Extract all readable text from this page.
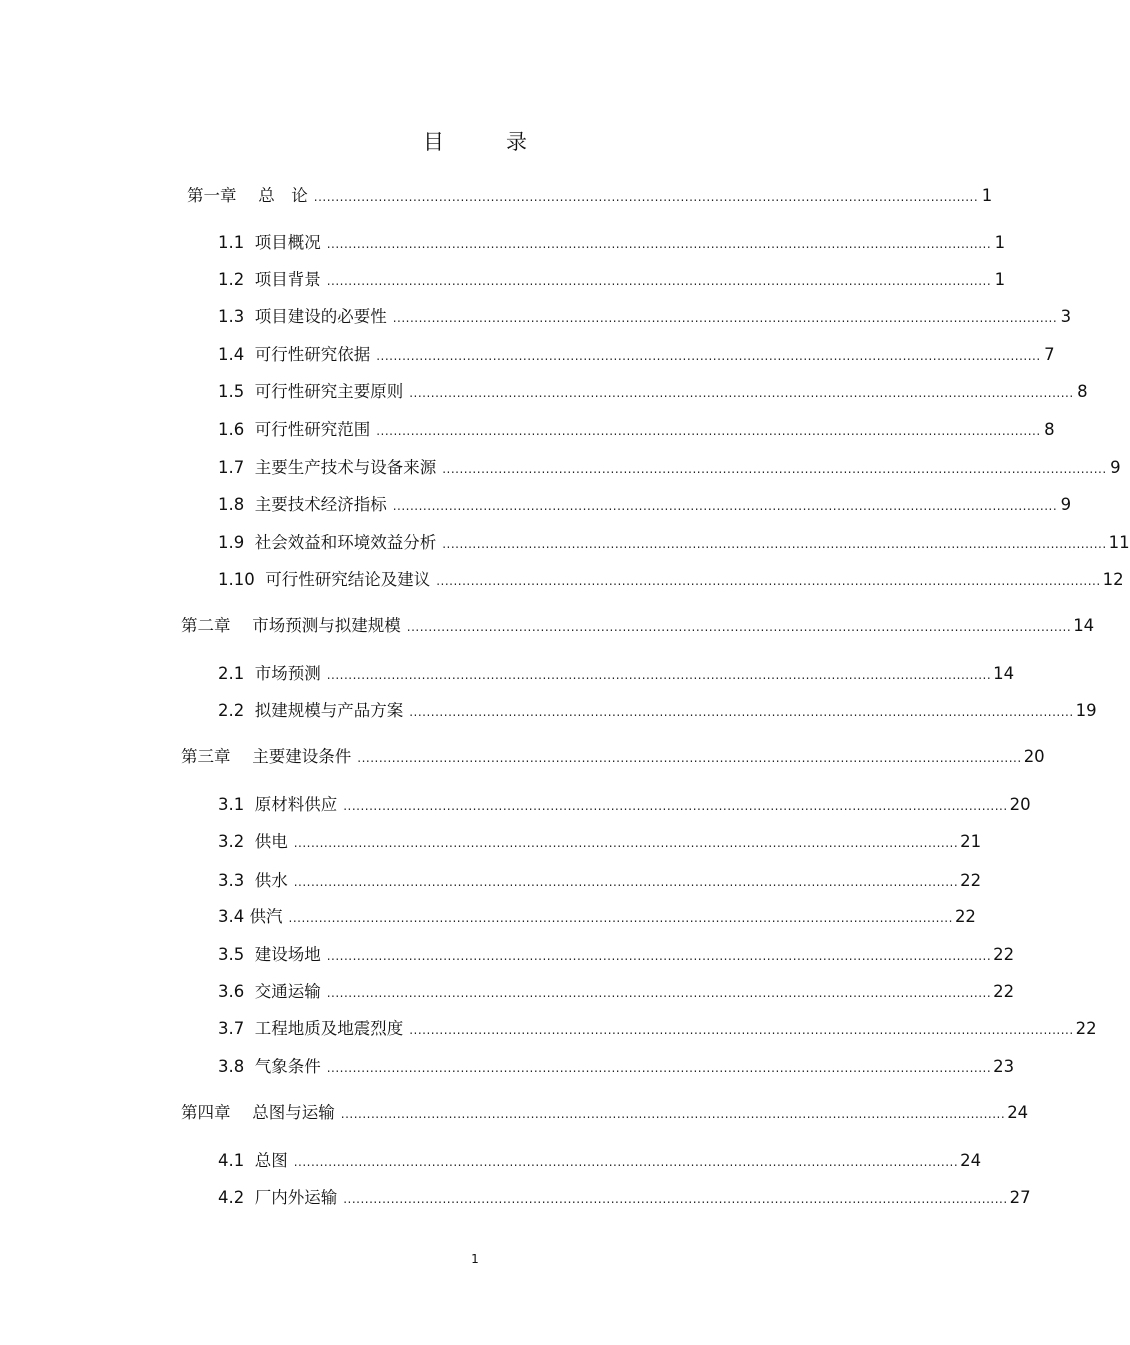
目	录
第一章　 总　论 .......................................................................................................................................................... 1
1.1  项目概况 .......................................................................................................................................................... 1
1.2  项目背景 .......................................................................................................................................................... 1
1.3  项目建设的必要性 .......................................................................................................................................................... 3
1.4  可行性研究依据 .......................................................................................................................................................... 7
1.5  可行性研究主要原则 .......................................................................................................................................................... 8
1.6  可行性研究范围 .......................................................................................................................................................... 8
1.7  主要生产技术与设备来源 .......................................................................................................................................................... 9
1.8  主要技术经济指标 .......................................................................................................................................................... 9
1.9  社会效益和环境效益分析 .......................................................................................................................................................... 11
1.10  可行性研究结论及建议 .......................................................................................................................................................... 12
第二章　 市场预测与拟建规模 .......................................................................................................................................................... 14
2.1  市场预测 .......................................................................................................................................................... 14
2.2  拟建规模与产品方案 .......................................................................................................................................................... 19
第三章　 主要建设条件 .......................................................................................................................................................... 20
3.1  原材料供应 .......................................................................................................................................................... 20
3.2  供电 .......................................................................................................................................................... 21
3.3  供水 .......................................................................................................................................................... 22
3.4 供汽 .......................................................................................................................................................... 22
3.5  建设场地 .......................................................................................................................................................... 22
3.6  交通运输 .......................................................................................................................................................... 22
3.7  工程地质及地震烈度 .......................................................................................................................................................... 22
3.8  气象条件 .......................................................................................................................................................... 23
第四章　 总图与运输 .......................................................................................................................................................... 24
4.1  总图 .......................................................................................................................................................... 24
4.2  厂内外运输 .......................................................................................................................................................... 27
1
